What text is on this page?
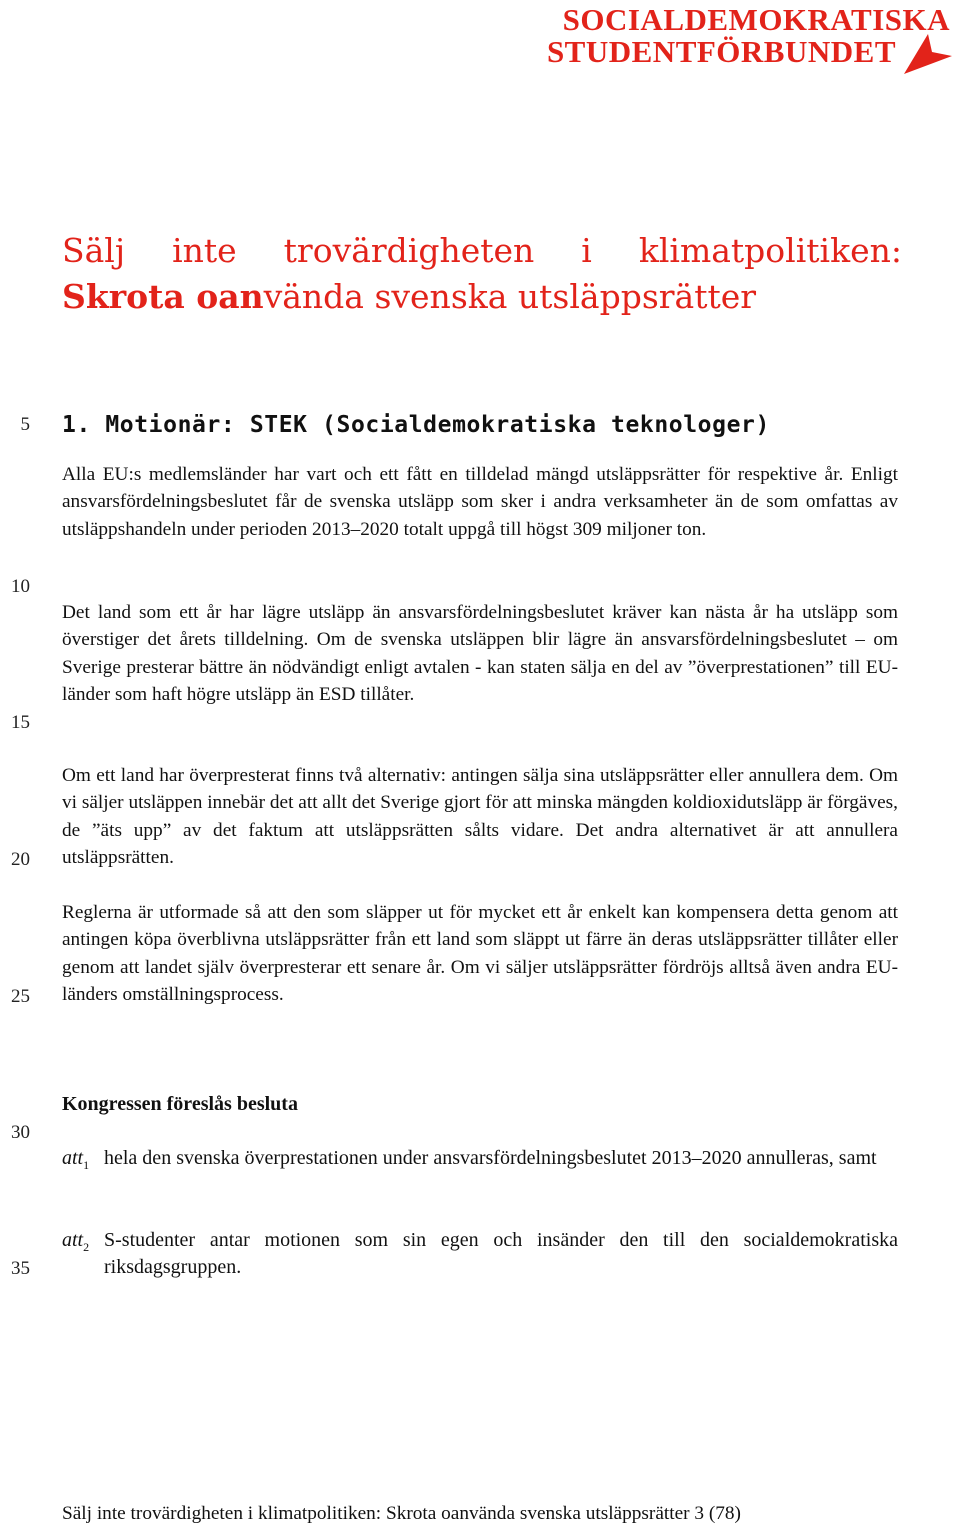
SOCIALDEMOKRATISKA
STUDENTFÖRBUNDET
Sälj inte trovärdigheten i klimatpolitiken:
Skrota oanvända svenska utsläppsrätter
5
10
15
20
25
30
35
1. Motionär: STEK (Socialdemokratiska teknologer)

Alla EU:s medlemsländer har vart och ett fått en tilldelad mängd utsläppsrätter för respektive år. Enligt ansvarsfördelningsbeslutet får de svenska utsläpp som sker i andra verksamheter än de som omfattas av utsläppshandeln under perioden 2013–2020 totalt uppgå till högst 309 miljoner ton.

Det land som ett år har lägre utsläpp än ansvarsfördelningsbeslutet kräver kan nästa år ha utsläpp som överstiger det årets tilldelning. Om de svenska utsläppen blir lägre än ansvarsfördelningsbeslutet – om Sverige presterar bättre än nödvändigt enligt avtalen - kan staten sälja en del av ”överprestationen” till EU-länder som haft högre utsläpp än ESD tillåter.

Om ett land har överpresterat finns två alternativ: antingen sälja sina utsläppsrätter eller annullera dem. Om vi säljer utsläppen innebär det att allt det Sverige gjort för att minska mängden koldioxidutsläpp är förgäves, de ”äts upp” av det faktum att utsläppsrätten sålts vidare. Det andra alternativet är att annullera utsläppsrätten.

Reglerna är utformade så att den som släpper ut för mycket ett år enkelt kan kompensera detta genom att antingen köpa överblivna utsläppsrätter från ett land som släppt ut färre än deras utsläppsrätter tillåter eller genom att landet själv överpresterar ett senare år. Om vi säljer utsläppsrätter fördröjs alltså även andra EU-länders omställningsprocess.

Kongressen föreslås besluta
att$_1$ hela den svenska överprestationen under ansvarsfördelningsbeslutet 2013–2020 annulleras, samt
att$_2$ S-studenter antar motionen som sin egen och insänder den till den socialdemokratiska riksdagsgruppen.
Sälj inte trovärdigheten i klimatpolitiken: Skrota oanvända svenska utsläppsrätter 3 (78)
